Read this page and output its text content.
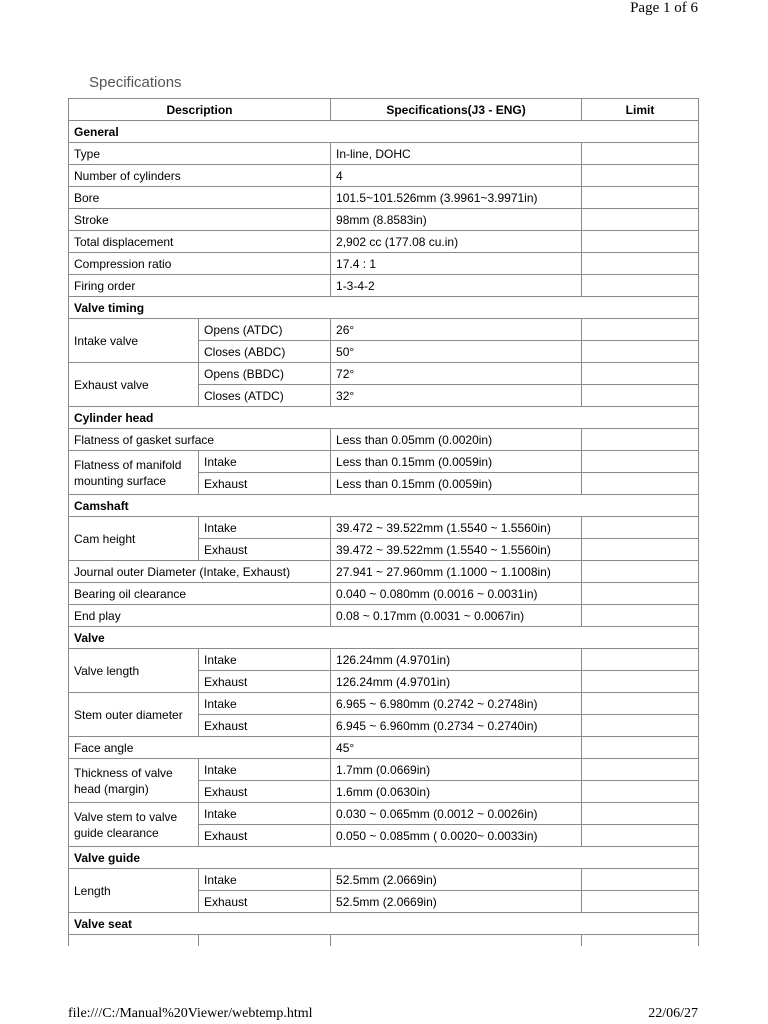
Page 1 of 6
Specifications
Description		Specifications(J3 - ENG)	Limit
General			
Type		In-line, DOHC	
Number of cylinders		4	
Bore		101.5~101.526mm (3.9961~3.9971in)	
Stroke		98mm (8.8583in)	
Total displacement		2,902 cc (177.08 cu.in)	
Compression ratio		17.4 : 1	
Firing order		1-3-4-2	
Valve timing			
Intake valve	Opens (ATDC)	26°	
	Closes (ABDC)	50°	
Exhaust valve	Opens (BBDC)	72°	
	Closes (ATDC)	32°	
Cylinder head			
Flatness of gasket surface		Less than 0.05mm (0.0020in)	
Flatness of manifold mounting surface	Intake	Less than 0.15mm (0.0059in)	
	Exhaust	Less than 0.15mm (0.0059in)	
Camshaft			
Cam height	Intake	39.472 ~ 39.522mm (1.5540 ~ 1.5560in)	
	Exhaust	39.472 ~ 39.522mm (1.5540 ~ 1.5560in)	
Journal outer Diameter (Intake, Exhaust)		27.941 ~ 27.960mm (1.1000 ~ 1.1008in)	
Bearing oil clearance		0.040 ~ 0.080mm (0.0016 ~ 0.0031in)	
End play		0.08 ~ 0.17mm (0.0031 ~ 0.0067in)	
Valve			
Valve length	Intake	126.24mm (4.9701in)	
	Exhaust	126.24mm (4.9701in)	
Stem outer diameter	Intake	6.965 ~ 6.980mm (0.2742 ~ 0.2748in)	
	Exhaust	6.945 ~ 6.960mm (0.2734 ~ 0.2740in)	
Face angle		45°	
Thickness of valve head (margin)	Intake	1.7mm (0.0669in)	
	Exhaust	1.6mm (0.0630in)	
Valve stem to valve guide clearance	Intake	0.030 ~ 0.065mm (0.0012 ~ 0.0026in)	
	Exhaust	0.050 ~ 0.085mm ( 0.0020~ 0.0033in)	
Valve guide			
Length	Intake	52.5mm (2.0669in)	
	Exhaust	52.5mm (2.0669in)	
Valve seat			

file:///C:/Manual%20Viewer/webtemp.html	22/06/27
